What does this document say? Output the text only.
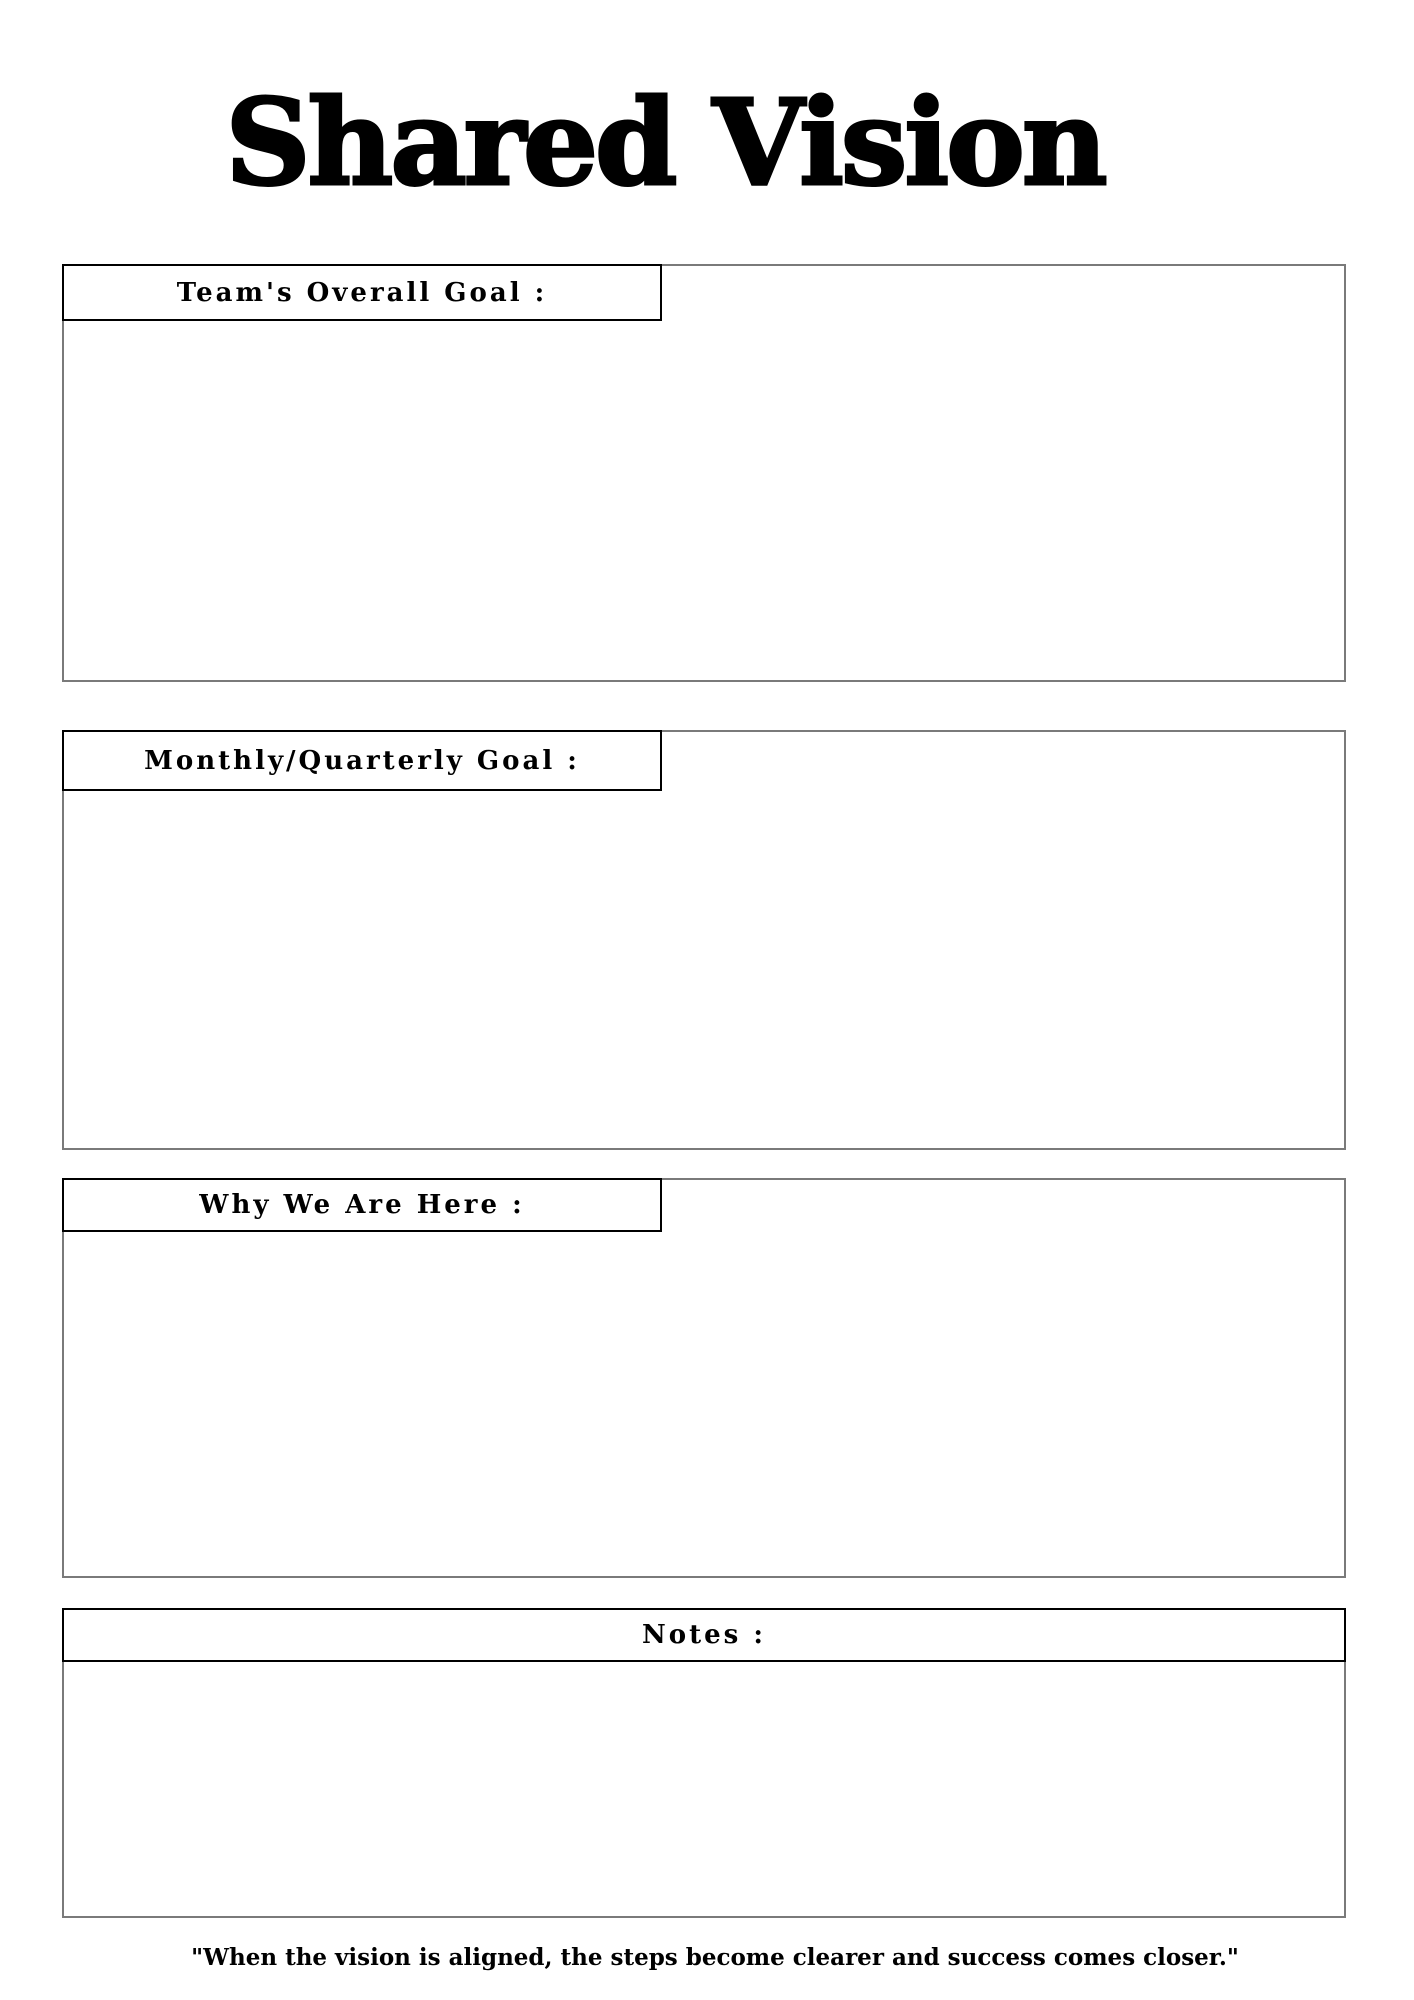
Shared Vision
Team's Overall Goal :
Monthly/Quarterly Goal :
Why We Are Here :
Notes :
"When the vision is aligned, the steps become clearer and success comes closer."
